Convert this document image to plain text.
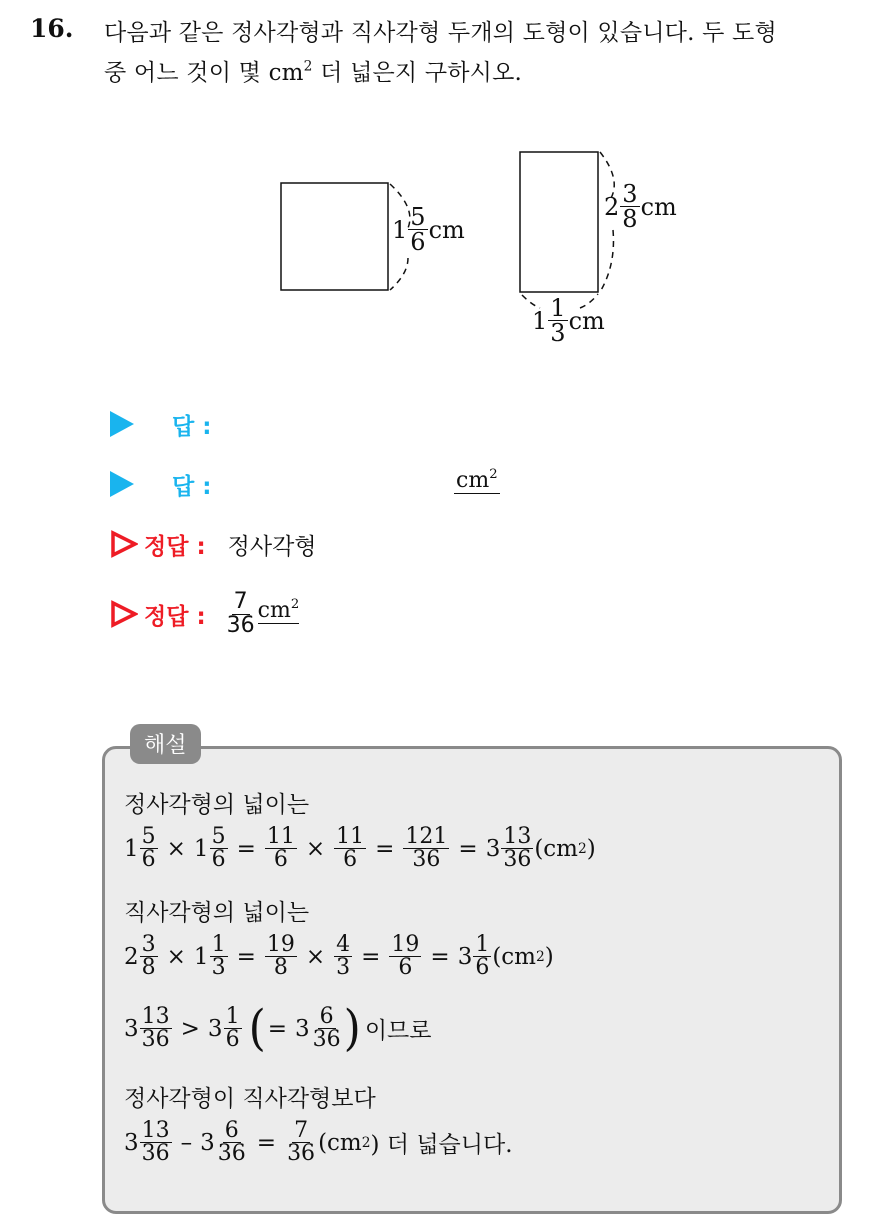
16. 다음과 같은 정사각형과 직사각형 두개의 도형이 있습니다. 두 도형
중 어느 것이 몇 $cm^2$ 더 넓은지 구하시오.
$1 \frac{5}{6}$ cm
$2 \frac{3}{8}$ cm
$1 \frac{1}{3}$ cm
답 :
답 :	$cm^2$
정답 : 정사각형
정답 : $\frac{7}{36} cm^2$
해설
정사각형의 넓이는
$1 \frac{5}{6} \times 1 \frac{5}{6} = \frac{11}{6} \times \frac{11}{6} = \frac{121}{36} = 3 \frac{13}{36} (cm$ 2 )
직사각형의 넓이는
$2 \frac{3}{8} \times 1 \frac{1}{3} = \frac{19}{8} \times \frac{4}{3} = \frac{19}{6} = 3 \frac{1}{6} (cm$ 2 )
$3 \frac{13}{36} > 3 \frac{1}{6}$ ( = $3 \frac{6}{36}$ ) 이므로
정사각형이 직사각형보다
$3 \frac{13}{36} - 3 \frac{6}{36} = \frac{7}{36} (cm$ 2 ) 더 넓습니다.
